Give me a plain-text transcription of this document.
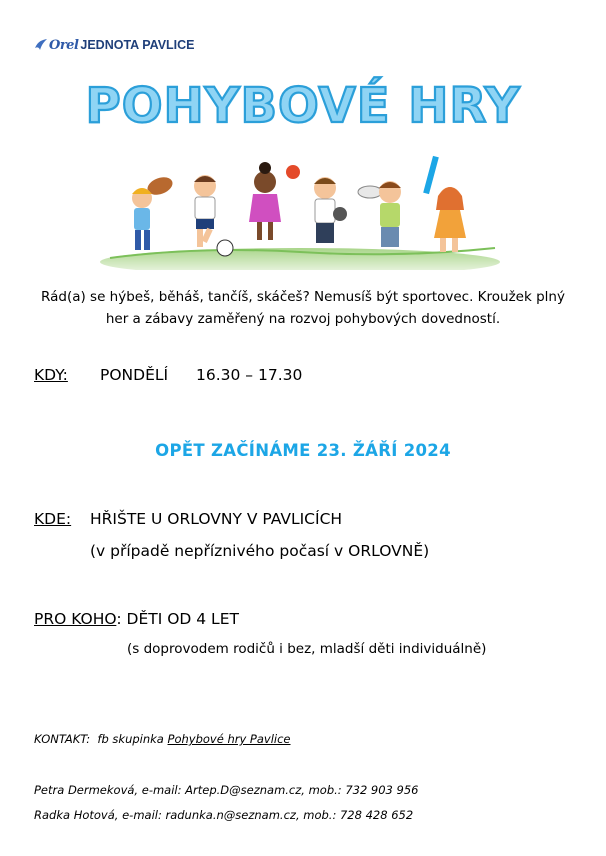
Orel JEDNOTA PAVLICE
POHYBOVÉ HRY
Rád(a) se hýbeš, běháš, tančíš, skáčeš? Nemusíš být sportovec. Kroužek plný
her a zábavy zaměřený na rozvoj pohybových dovedností.
KDY: PONDĚLÍ 16.30 – 17.30
OPĚT ZAČÍNÁME 23. ŽÁŘÍ 2024
KDE: HŘIŠTE U ORLOVNY V PAVLICÍCH
(v případě nepříznivého počasí v ORLOVNĚ)
PRO KOHO: DĚTI OD 4 LET
(s doprovodem rodičů i bez, mladší děti individuálně)
KONTAKT: fb skupinka Pohybové hry Pavlice
Petra Dermeková, e-mail: Artep.D@seznam.cz, mob.: 732 903 956
Radka Hotová, e-mail: radunka.n@seznam.cz, mob.: 728 428 652
